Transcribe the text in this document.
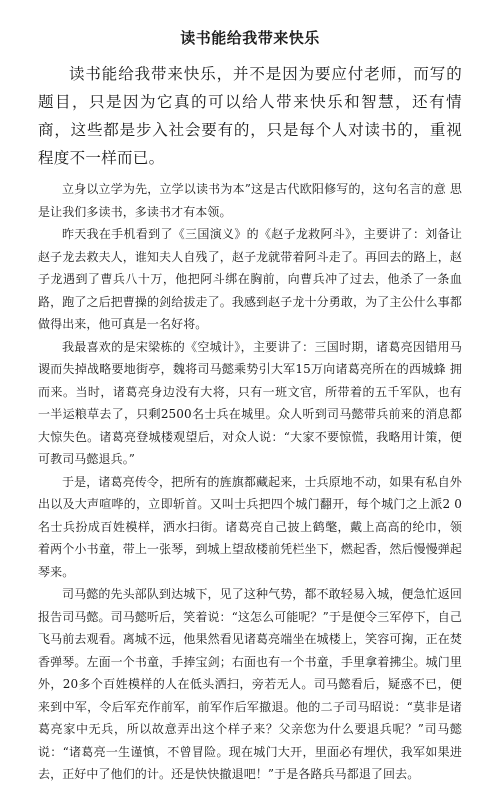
读书能给我带来快乐

读书能给我带来快乐，并不是因为要应付老师，而写的题目，只是因为它真的可以给人带来快乐和智慧，还有情商，这些都是步入社会要有的，只是每个人对读书的，重视程度不一样而已。

立身以立学为先，立学以读书为本”这是古代欧阳修写的，这句名言的意 思是让我们多读书，多读书才有本领。

昨天我在手机看到了《三国演义》的《赵子龙救阿斗》，主要讲了：刘备让赵子龙去救夫人，谁知夫人自残了，赵子龙就带着阿斗走了。再回去的路上，赵子龙遇到了曹兵八十万，他把阿斗绑在胸前，向曹兵冲了过去，他杀了一条血路，跑了之后把曹操的剑给拔走了。我感到赵子龙十分勇敢，为了主公什么事都做得出来，他可真是一名好将。

我最喜欢的是宋梁栋的《空城计》，主要讲了：三国时期，诸葛亮因错用马谡而失掉战略要地街亭，魏将司马懿乘势引大军15万向诸葛亮所在的西城蜂 拥而来。当时，诸葛亮身边没有大将，只有一班文官，所带着的五千军队，也有 一半运粮草去了，只剩2500名士兵在城里。众人听到司马懿带兵前来的消息都 大惊失色。诸葛亮登城楼观望后，对众人说：“大家不要惊慌，我略用计策，便 可教司马懿退兵。”

于是，诸葛亮传令，把所有的旌旗都藏起来，士兵原地不动，如果有私自外出以及大声喧哗的，立即斩首。又叫士兵把四个城门翻开，每个城门之上派2 0名士兵扮成百姓模样，洒水扫街。诸葛亮自己披上鹤氅，戴上高高的纶巾，领 着两个小书童，带上一张琴，到城上望敌楼前凭栏坐下，燃起香，然后慢慢弹起 琴来。

司马懿的先头部队到达城下，见了这种气势，都不敢轻易入城，便急忙返回报告司马懿。司马懿听后，笑着说：“这怎么可能呢？”于是便令三军停下，自己飞马前去观看。离城不远，他果然看见诸葛亮端坐在城楼上，笑容可掬，正在焚香弹琴。左面一个书童，手捧宝剑；右面也有一个书童，手里拿着拂尘。城门里外，20多个百姓模样的人在低头洒扫，旁若无人。司马懿看后，疑惑不已，便来到中军，令后军充作前军，前军作后军撤退。他的二子司马昭说：“莫非是诸葛亮家中无兵，所以故意弄出这个样子来？父亲您为什么要退兵呢？”司马懿说：“诸葛亮一生谨慎，不曾冒险。现在城门大开，里面必有埋伏，我军如果进去，正好中了他们的计。还是快快撤退吧！”于是各路兵马都退了回去。
